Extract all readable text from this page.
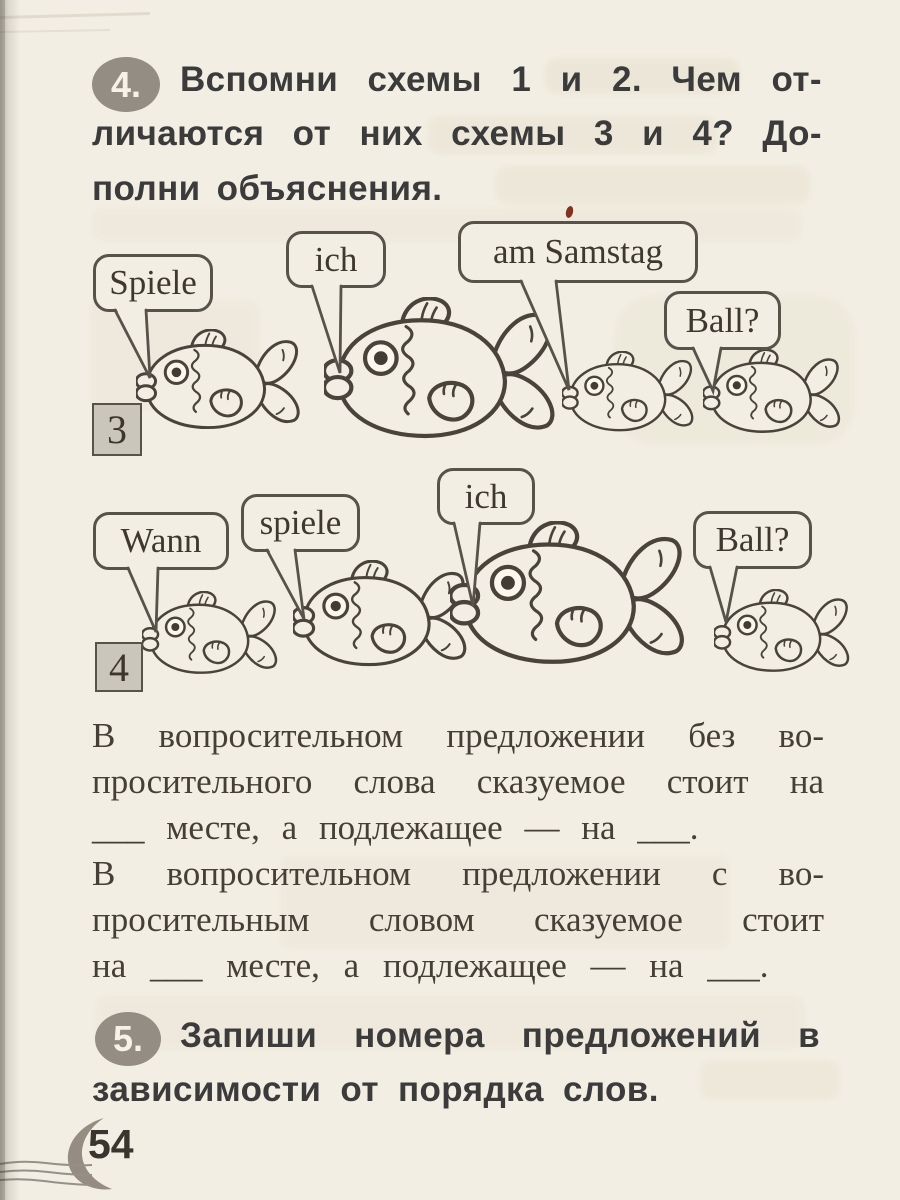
4. Вспомни схемы 1 и 2. Чем от-
личаются от них схемы 3 и 4? До-
полни объяснения.
3
Spiele
ich	am Samstag
Ball?
4
Wann spiele
ich
Ball?
В вопросительном предложении без во-
просительного слова сказуемое стоит на
___ месте, а подлежащее — на ___.
В вопросительном предложении с во-
просительным словом сказуемое стоит
на ___ месте, а подлежащее — на ___.
5. Запиши номера предложений в
зависимости от порядка слов.
54
